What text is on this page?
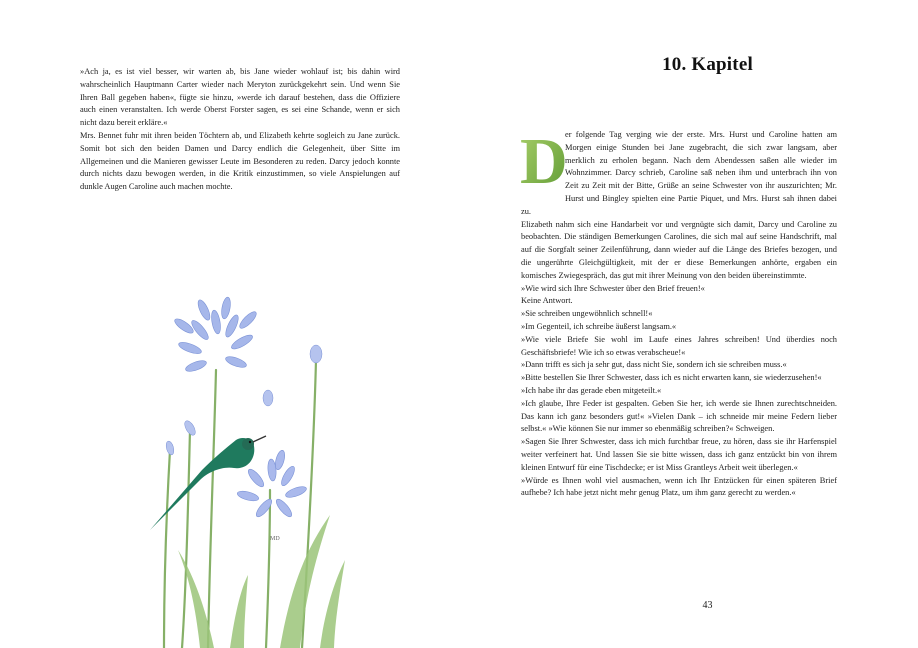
»Ach ja, es ist viel besser, wir warten ab, bis Jane wieder wohlauf ist; bis dahin wird wahrscheinlich Hauptmann Carter wieder nach Meryton zurückgekehrt sein. Und wenn Sie Ihren Ball gegeben haben«, fügte sie hinzu, »werde ich darauf bestehen, dass die Offiziere auch einen veranstalten. Ich werde Oberst Forster sagen, es sei eine Schande, wenn er sich nicht dazu bereit erkläre.«

Mrs. Bennet fuhr mit ihren beiden Töchtern ab, und Elizabeth kehrte sogleich zu Jane zurück. Somit bot sich den beiden Damen und Darcy endlich die Gelegenheit, über Sitte im Allgemeinen und die Manieren gewisser Leute im Besonderen zu reden. Darcy jedoch konnte durch nichts dazu bewogen werden, in die Kritik einzustimmen, so viele Anspielungen auf dunkle Augen Caroline auch machen mochte.

MD
10. Kapitel
D

er folgende Tag verging wie der erste. Mrs. Hurst und Caroline hatten am Morgen einige Stunden bei Jane zugebracht, die sich zwar langsam, aber merklich zu erholen begann. Nach dem Abendessen saßen alle wieder im Wohnzimmer. Darcy schrieb, Caroline saß neben ihm und unterbrach ihn von Zeit zu Zeit mit der Bitte, Grüße an seine Schwester von ihr auszurichten; Mr. Hurst und Bingley spielten eine Partie Piquet, und Mrs. Hurst sah ihnen dabei zu.

Elizabeth nahm sich eine Handarbeit vor und vergnügte sich damit, Darcy und Caroline zu beobachten. Die ständigen Bemerkungen Carolines, die sich mal auf seine Handschrift, mal auf die Sorgfalt seiner Zeilenführung, dann wieder auf die Länge des Briefes bezogen, und die ungerührte Gleichgültigkeit, mit der er diese Bemerkungen anhörte, ergaben ein komisches Zwiegespräch, das gut mit ihrer Meinung von den beiden übereinstimmte.

»Wie wird sich Ihre Schwester über den Brief freuen!«

Keine Antwort.

»Sie schreiben ungewöhnlich schnell!«

»Im Gegenteil, ich schreibe äußerst langsam.«

»Wie viele Briefe Sie wohl im Laufe eines Jahres schreiben! Und überdies noch Geschäftsbriefe! Wie ich so etwas verabscheue!«

»Dann trifft es sich ja sehr gut, dass nicht Sie, sondern ich sie schreiben muss.«

»Bitte bestellen Sie Ihrer Schwester, dass ich es nicht erwarten kann, sie wiederzusehen!«

»Ich habe ihr das gerade eben mitgeteilt.«

»Ich glaube, Ihre Feder ist gespalten. Geben Sie her, ich werde sie Ihnen zurechtschneiden. Das kann ich ganz besonders gut!« »Vielen Dank – ich schneide mir meine Federn lieber selbst.« »Wie können Sie nur immer so ebenmäßig schreiben?« Schweigen.

»Sagen Sie Ihrer Schwester, dass ich mich furchtbar freue, zu hören, dass sie ihr Harfenspiel weiter verfeinert hat. Und lassen Sie sie bitte wissen, dass ich ganz entzückt bin von ihrem kleinen Entwurf für eine Tischdecke; er ist Miss Grantleys Arbeit weit überlegen.«

»Würde es Ihnen wohl viel ausmachen, wenn ich Ihr Entzücken für einen späteren Brief aufhebe? Ich habe jetzt nicht mehr genug Platz, um ihm ganz gerecht zu werden.«

43
